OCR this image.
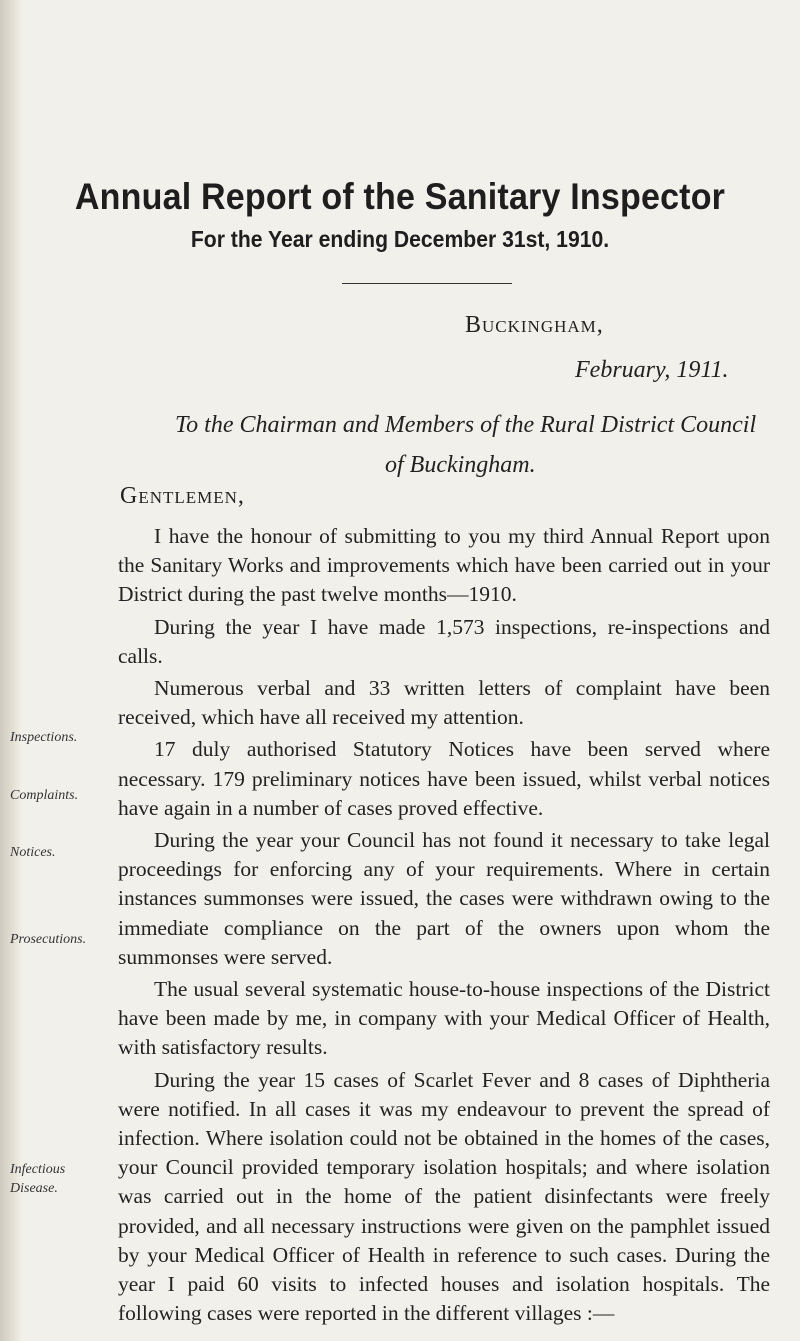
Annual Report of the Sanitary Inspector
For the Year ending December 31st, 1910.
Buckingham,
February, 1911.
To the Chairman and Members of the Rural District Council
of Buckingham.
Gentlemen,
Inspections.
Complaints.
Notices.
Prosecutions.
Infectious
Disease.

I have the honour of submitting to you my third Annual Report upon the Sanitary Works and improvements which have been carried out in your District during the past twelve months—1910.

During the year I have made 1,573 inspections, re-inspections and calls.

Numerous verbal and 33 written letters of complaint have been received, which have all received my attention.

17 duly authorised Statutory Notices have been served where necessary. 179 preliminary notices have been issued, whilst verbal notices have again in a number of cases proved effective.

During the year your Council has not found it necessary to take legal proceedings for enforcing any of your requirements. Where in certain instances summonses were issued, the cases were withdrawn owing to the immediate compliance on the part of the owners upon whom the summonses were served.

The usual several systematic house-to-house inspections of the District have been made by me, in company with your Medical Officer of Health, with satisfactory results.

During the year 15 cases of Scarlet Fever and 8 cases of Diphtheria were notified. In all cases it was my endeavour to prevent the spread of infection. Where isolation could not be obtained in the homes of the cases, your Council provided temporary isolation hospitals; and where isolation was carried out in the home of the patient disinfectants were freely provided, and all necessary instructions were given on the pamphlet issued by your Medical Officer of Health in reference to such cases. During the year I paid 60 visits to infected houses and isolation hospitals. The following cases were reported in the different villages :—
